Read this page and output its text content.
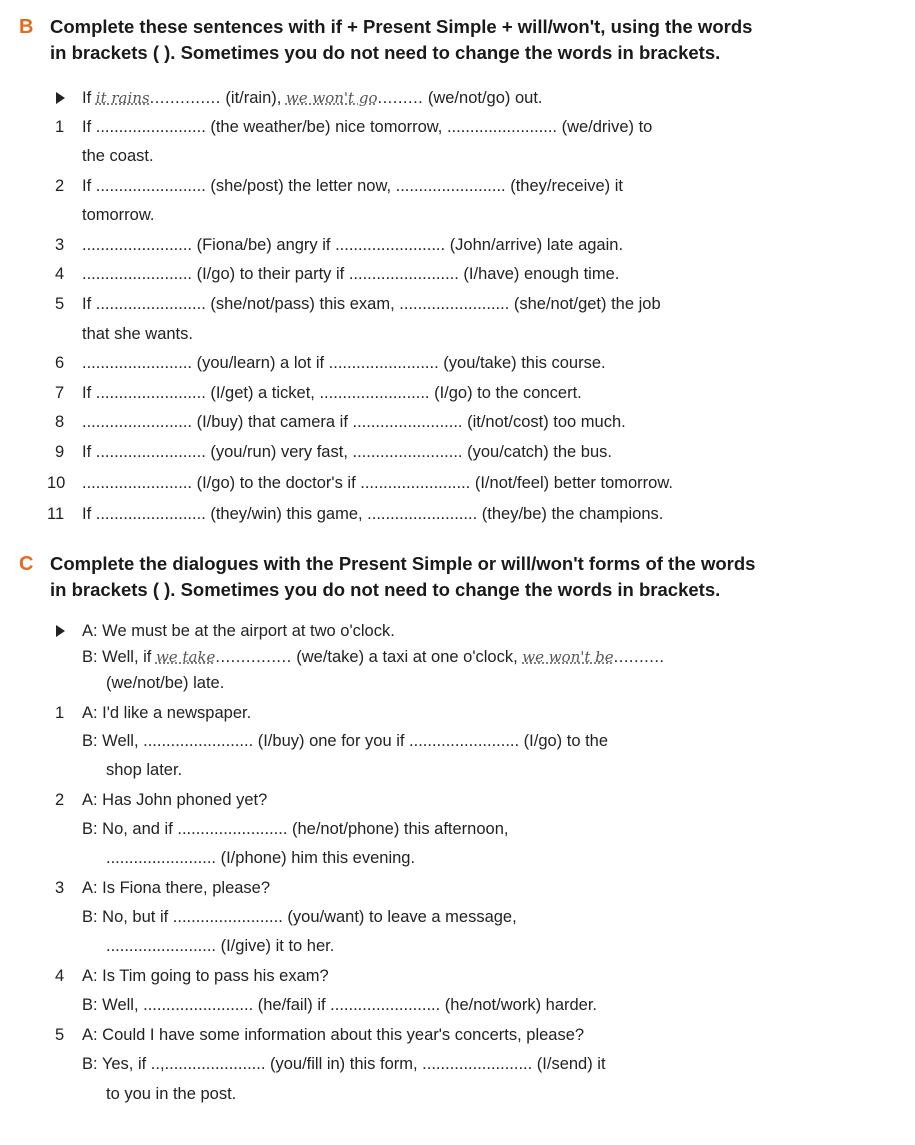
B Complete these sentences with if + Present Simple + will/won't, using the words
in brackets ( ). Sometimes you do not need to change the words in brackets.
If it rains.............. (it/rain), we won't go......... (we/not/go) out.
1 If ........................ (the weather/be) nice tomorrow, ........................ (we/drive) to
the coast.
2 If ........................ (she/post) the letter now, ........................ (they/receive) it
tomorrow.
3 ........................ (Fiona/be) angry if ........................ (John/arrive) late again.
4 ........................ (I/go) to their party if ........................ (I/have) enough time.
5 If ........................ (she/not/pass) this exam, ........................ (she/not/get) the job
that she wants.
6 ........................ (you/learn) a lot if ........................ (you/take) this course.
7 If ........................ (I/get) a ticket, ........................ (I/go) to the concert.
8 ........................ (I/buy) that camera if ........................ (it/not/cost) too much.
9 If ........................ (you/run) very fast, ........................ (you/catch) the bus.
10 ........................ (I/go) to the doctor's if ........................ (I/not/feel) better tomorrow.
11 If ........................ (they/win) this game, ........................ (they/be) the champions.
C Complete the dialogues with the Present Simple or will/won't forms of the words
in brackets ( ). Sometimes you do not need to change the words in brackets.
A: We must be at the airport at two o'clock.
B: Well, if we take............... (we/take) a taxi at one o'clock, we won't be..........
(we/not/be) late.
1 A: I'd like a newspaper.
B: Well, ........................ (I/buy) one for you if ........................ (I/go) to the
shop later.
2 A: Has John phoned yet?
B: No, and if ........................ (he/not/phone) this afternoon,
........................ (I/phone) him this evening.
3 A: Is Fiona there, please?
B: No, but if ........................ (you/want) to leave a message,
........................ (I/give) it to her.
4 A: Is Tim going to pass his exam?
B: Well, ........................ (he/fail) if ........................ (he/not/work) harder.
5 A: Could I have some information about this year's concerts, please?
B: Yes, if ..,...................... (you/fill in) this form, ........................ (I/send) it
to you in the post.
